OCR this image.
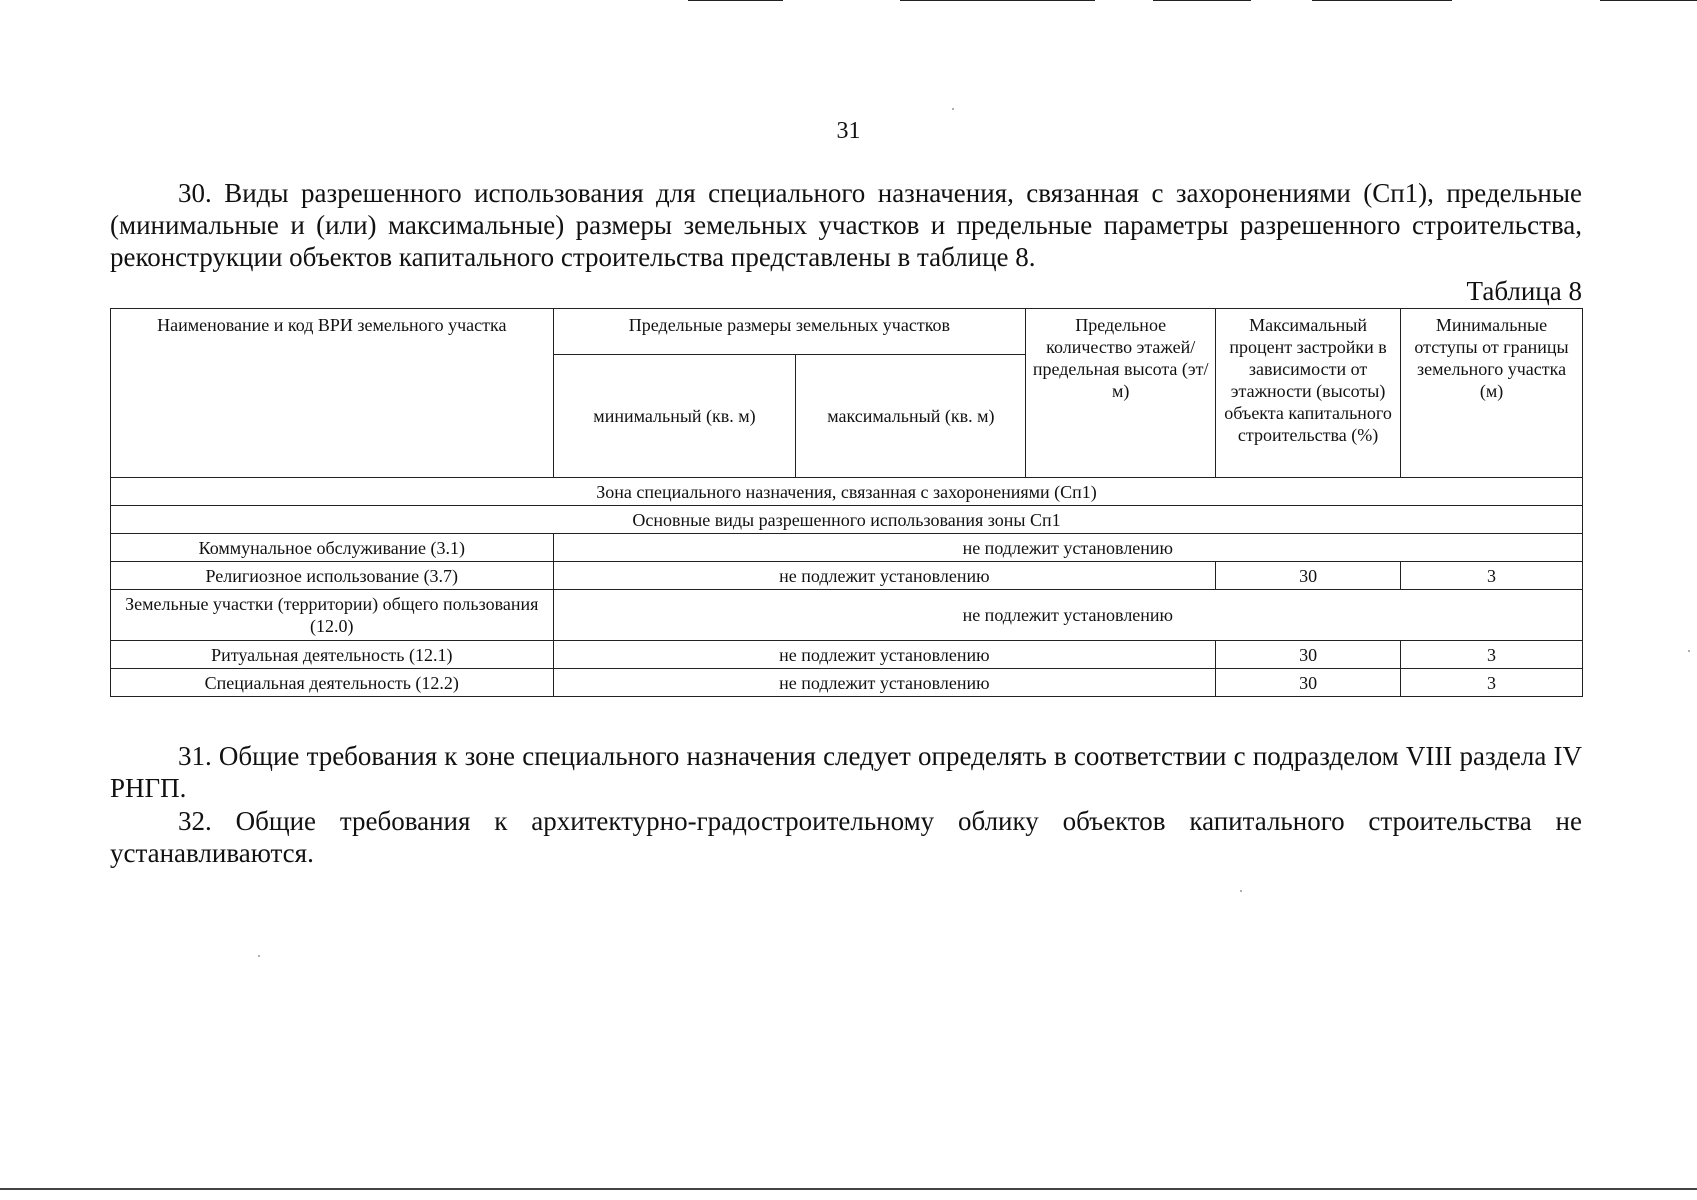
31

30. Виды разрешенного использования для специального назначения, связанная с захоронениями (Сп1), предельные (минимальные и (или) максимальные) размеры земельных участков и предельные параметры разрешенного строительства, реконструкции объектов капитального строительства представлены в таблице 8.

Таблица 8
Наименование и код ВРИ земельного участка	Предельные размеры земельных участков		Предельное количество этажей/ предельная высота (эт/м)	Максимальный процент застройки в зависимости от этажности (высоты) объекта капитального строительства (%)	Минимальные отступы от границы земельного участка (м)
	минимальный (кв. м)	максимальный (кв. м)			
Зона специального назначения, связанная с захоронениями (Сп1)					
Основные виды разрешенного использования зоны Сп1					
Коммунальное обслуживание (3.1)	не подлежит установлению				
Религиозное использование (3.7)	не подлежит установлению			30	3
Земельные участки (территории) общего пользования (12.0)	не подлежит установлению				
Ритуальная деятельность (12.1)	не подлежит установлению			30	3
Специальная деятельность (12.2)	не подлежит установлению			30	3

31. Общие требования к зоне специального назначения следует определять в соответствии с подразделом VIII раздела IV РНГП.

32. Общие требования к архитектурно-градостроительному облику объектов капитального строительства не устанавливаются.
